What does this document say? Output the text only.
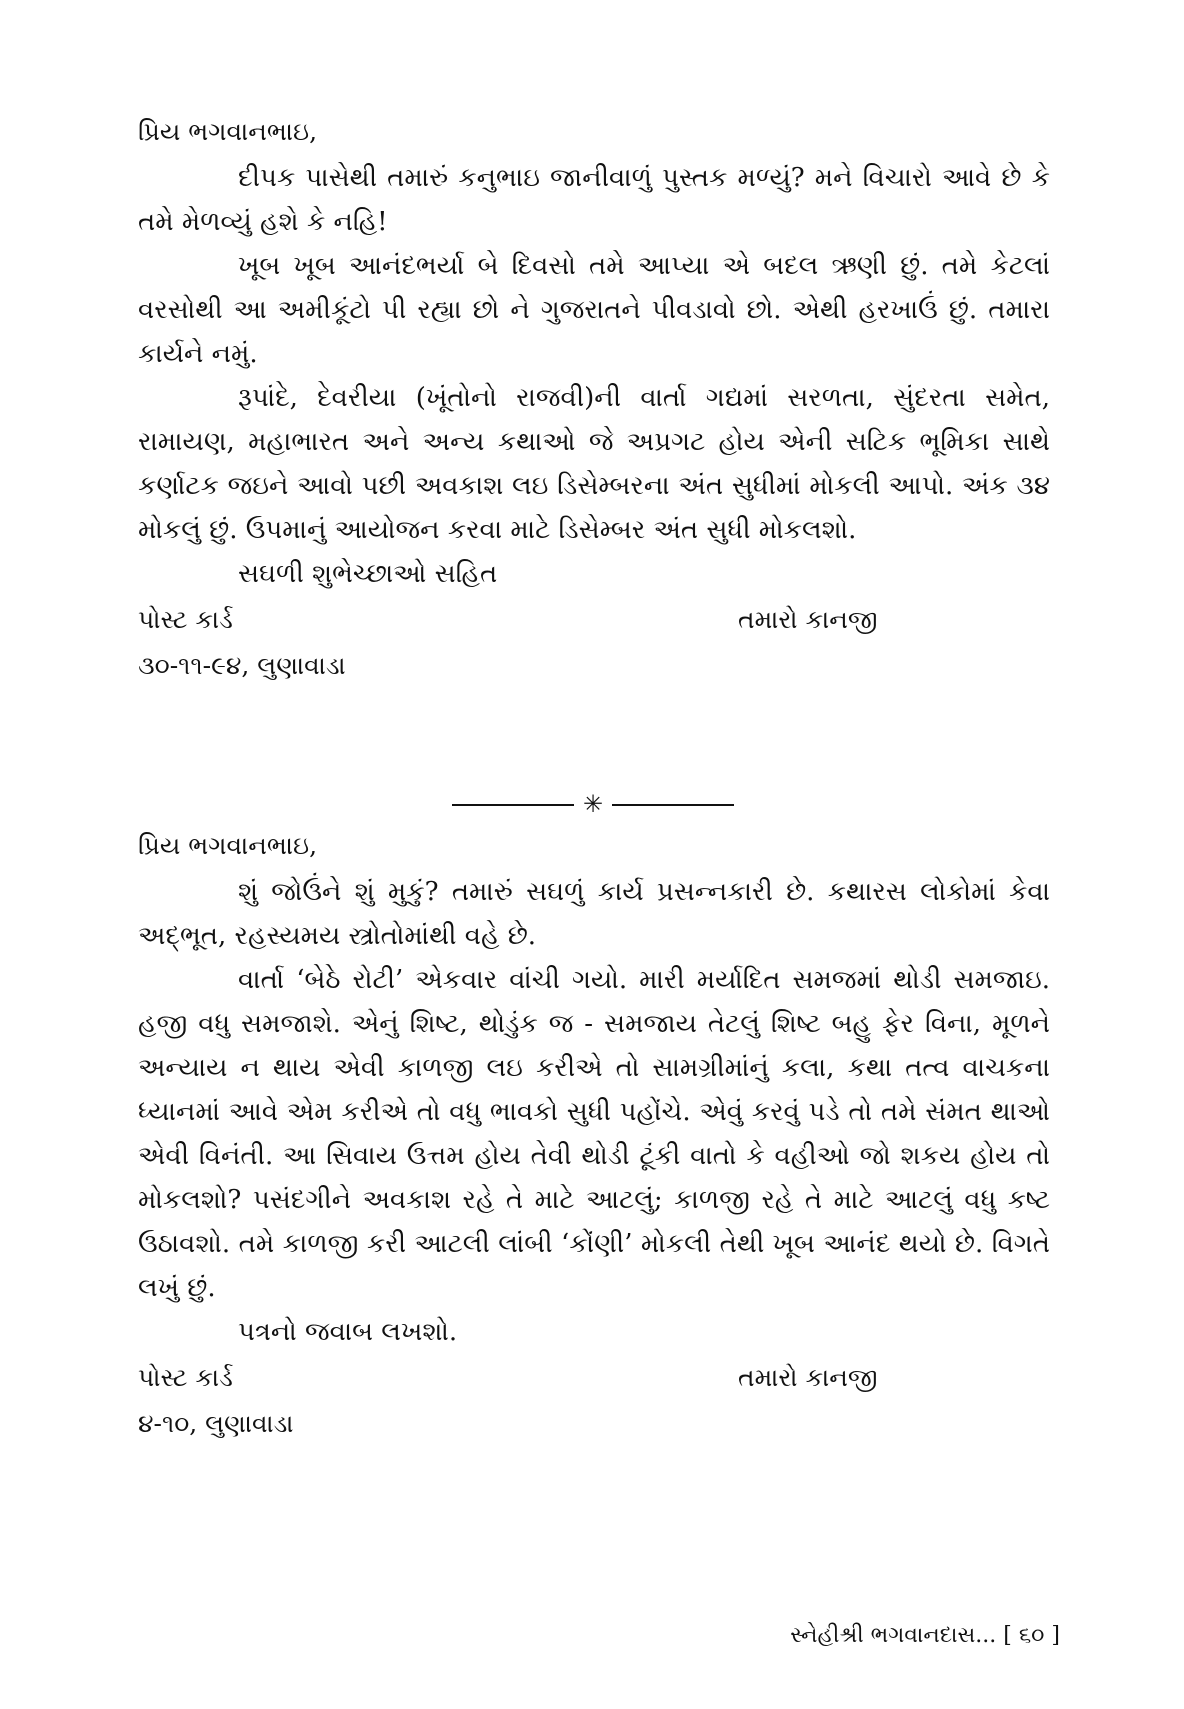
પ્રિય ભગવાનભાઇ,

દીપક પાસેથી તમારું કનુભાઇ જાનીવાળું પુસ્તક મળ્યું? મને વિચારો આવે છે કે તમે મેળવ્યું હશે કે નહિ!

ખૂબ ખૂબ આનંદભર્યા બે દિવસો તમે આપ્યા એ બદલ ઋણી છું. તમે કેટલાં વરસોથી આ અમીકૂંટો પી રહ્યા છો ને ગુજરાતને પીવડાવો છો. એથી હરખાઉં છું. તમારા કાર્યને નમું.

રૂપાંદે, દેવરીયા (ખૂંતોનો રાજવી)ની વાર્તા ગદ્યમાં સરળતા, સુંદરતા સમેત, રામાયણ, મહાભારત અને અન્ય કથાઓ જે અપ્રગટ હોય એની સટિક ભૂમિકા સાથે કર્ણાટક જઇને આવો પછી અવકાશ લઇ ડિસેમ્બરના અંત સુધીમાં મોકલી આપો. અંક ૩૪ મોકલું છું. ઉપમાનું આયોજન કરવા માટે ડિસેમ્બર અંત સુધી મોકલશો.

સઘળી શુભેચ્છાઓ સહિત

પોસ્ટ કાર્ડ	તમારો કાનજી

૩૦-૧૧-૯૪, લુણાવાડા

✳

પ્રિય ભગવાનભાઇ,

શું જોઉંને શું મુકું? તમારું સઘળું કાર્ય પ્રસન્નકારી છે. કથારસ લોકોમાં કેવા અદ્ભૂત, રહસ્યમય સ્ત્રોતોમાંથી વહે છે.

વાર્તા ‘બેઠે રોટી’ એકવાર વાંચી ગયો. મારી મર્યાદિત સમજમાં થોડી સમજાઇ. હજી વધુ સમજાશે. એનું શિષ્ટ, થોડુંક જ - સમજાય તેટલું શિષ્ટ બહુ ફેર વિના, મૂળને અન્યાય ન થાય એવી કાળજી લઇ કરીએ તો સામગ્રીમાંનું કલા, કથા તત્વ વાચકના ધ્યાનમાં આવે એમ કરીએ તો વધુ ભાવકો સુધી પહોંચે. એવું કરવું પડે તો તમે સંમત થાઓ એવી વિનંતી. આ સિવાય ઉત્તમ હોય તેવી થોડી ટૂંકી વાતો કે વહીઓ જો શકય હોય તો મોકલશો? પસંદગીને અવકાશ રહે તે માટે આટલું; કાળજી રહે તે માટે આટલું વધુ કષ્ટ ઉઠાવશો. તમે કાળજી કરી આટલી લાંબી ‘કોંણી’ મોકલી તેથી ખૂબ આનંદ થયો છે. વિગતે લખું છું.

પત્રનો જવાબ લખશો.

પોસ્ટ કાર્ડ	તમારો કાનજી

૪-૧૦, લુણાવાડા

સ્નેહીશ્રી ભગવાનદાસ... [ ૬૦ ]
